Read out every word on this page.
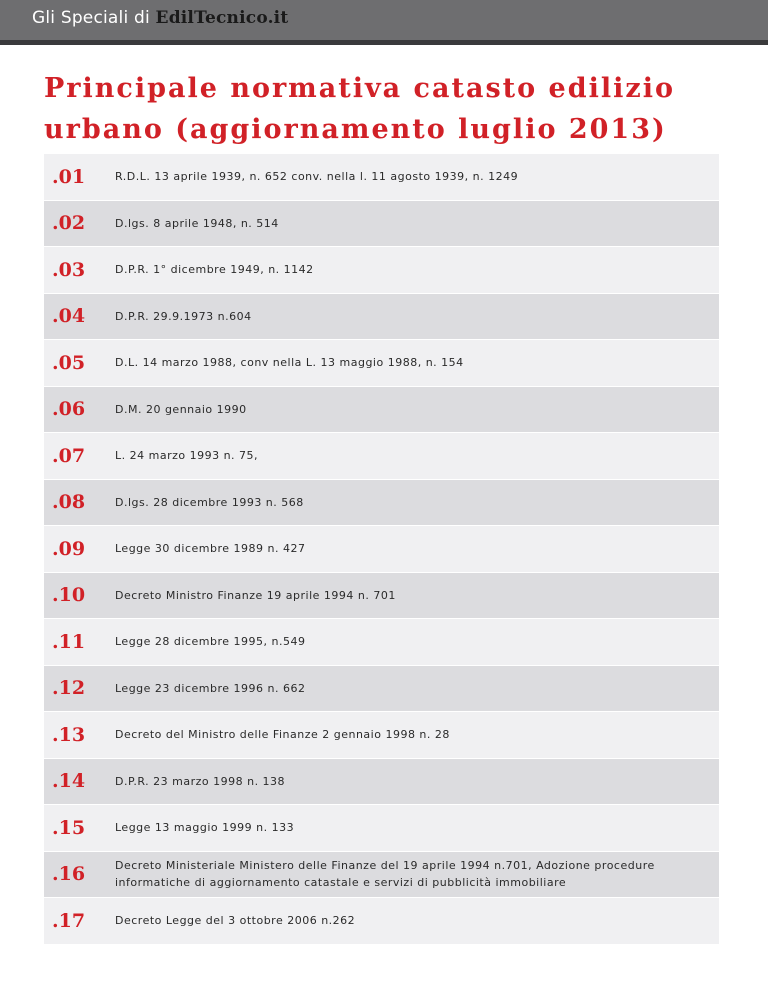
Gli Speciali di EdilTecnico.it
Principale normativa catasto edilizio urbano (aggiornamento luglio 2013)
.01	R.D.L. 13 aprile 1939, n. 652 conv. nella l. 11 agosto 1939, n. 1249
.02	D.lgs. 8 aprile 1948, n. 514
.03	D.P.R. 1° dicembre 1949, n. 1142
.04	D.P.R. 29.9.1973 n.604
.05	D.L. 14 marzo 1988, conv nella L. 13 maggio 1988, n. 154
.06	D.M. 20 gennaio 1990
.07	L. 24 marzo 1993 n. 75,
.08	D.lgs. 28 dicembre 1993 n. 568
.09	Legge 30 dicembre 1989 n. 427
.10	Decreto Ministro Finanze 19 aprile 1994 n. 701
.11	Legge 28 dicembre 1995, n.549
.12	Legge 23 dicembre 1996 n. 662
.13	Decreto del Ministro delle Finanze 2 gennaio 1998 n. 28
.14	D.P.R. 23 marzo 1998 n. 138
.15	Legge 13 maggio 1999 n. 133
.16	Decreto Ministeriale Ministero delle Finanze del 19 aprile 1994 n.701, Adozione procedure informatiche di aggiornamento catastale e servizi di pubblicità immobiliare
.17	Decreto Legge del 3 ottobre 2006 n.262
